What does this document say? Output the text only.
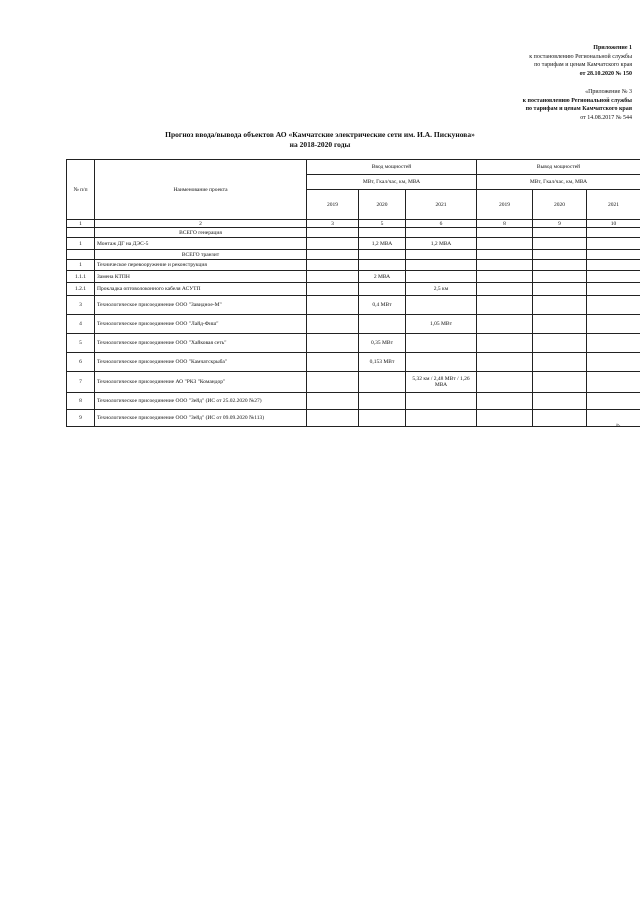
Приложение 1
к постановлению Региональной службы
по тарифам и ценам Камчатского края
от 28.10.2020 № 150
«Приложение № 3
к постановлению Региональной службы
по тарифам и ценам Камчатского края
от 14.08.2017 № 544
Прогноз ввода/вывода объектов АО «Камчатские электрические сети им. И.А. Пискунова»
на 2018-2020 годы
№ п/п	Наименование проекта	Ввод мощностей			Вывод мощностей		
		МВт, Гкал/час, км, МВА			МВт, Гкал/час, км, МВА		
		2019	2020	2021	2019	2020	2021
1	2	3	5	6	8	9	10
	ВСЕГО генерация						
1	Монтаж ДГ на ДЭС-5		1,2 МВА	1,2 МВА			
	ВСЕГО транзит						
1	Техническое перевооружение и реконструкция						
1.1.1	Замена КТПН		2 МВА				
1.2.1	Прокладка оптоволоконного кабеля АСУТП			2,5 км			
3	Технологическое присоединение ООО "Завидное-М"		0,4 МВт				
4	Технологическое присоединение ООО "Лайд-Фиш"			1,05 МВт			
5	Технологическое присоединение ООО "Хайковая сеть"		0,35 МВт				
6	Технологическое присоединение ООО "Камчатскрыба"		0,153 МВт				
7	Технологическое присоединение АО "РКЗ "Командор"			5,32 км / 2,48 МВт / 1,26 МВА			
8	Технологическое присоединение ООО "Зейд" (ИС от 25.02.2020 №27)						
9	Технологическое присоединение ООО "Зейд" (ИС от 09.09.2020 №113)						
».
